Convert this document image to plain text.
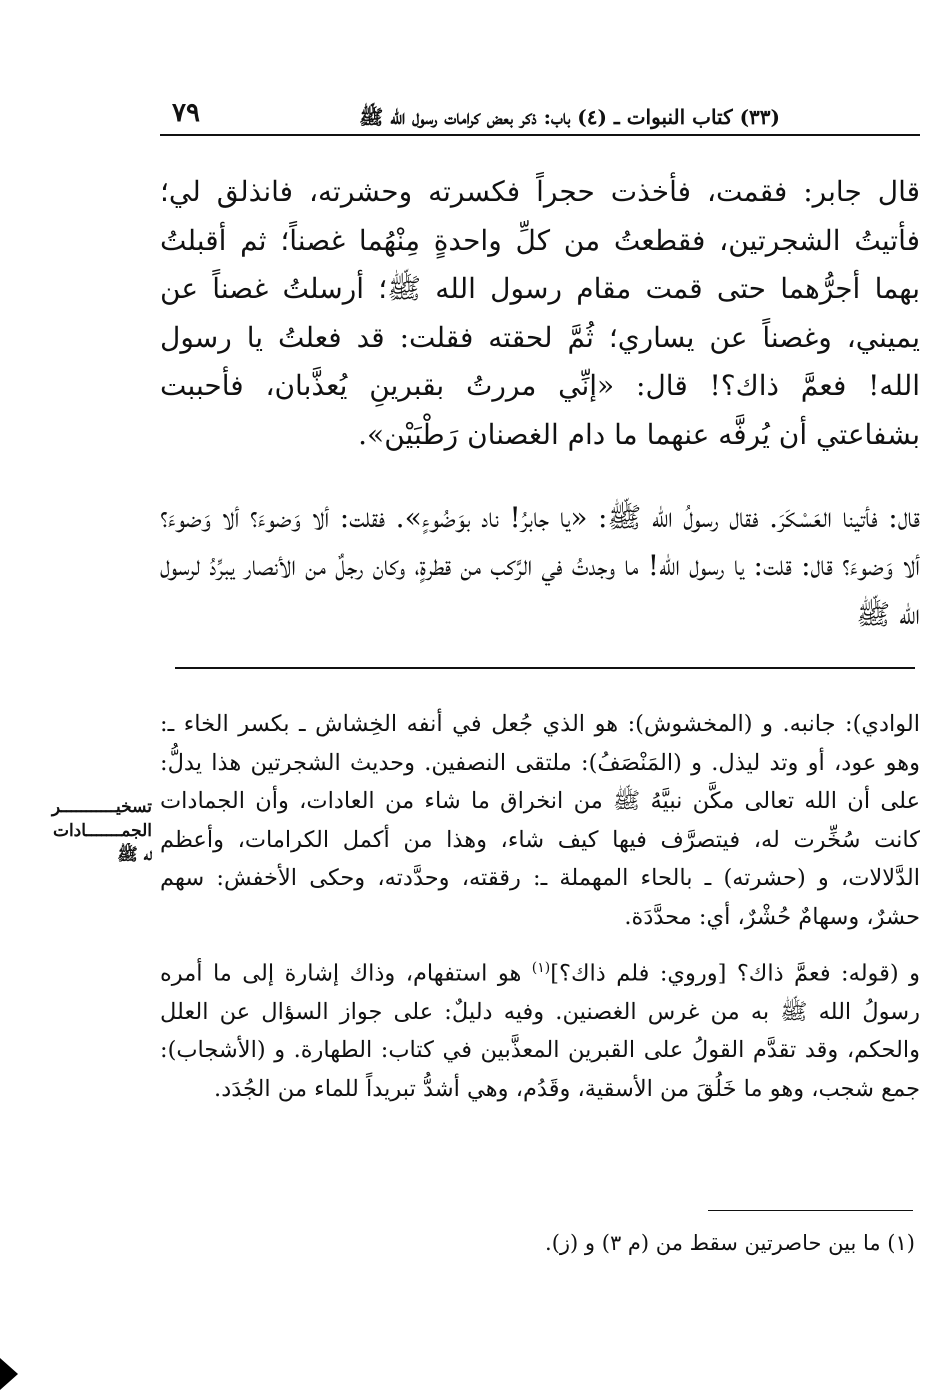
(٣٣) كتاب النبوات ـ (٤) باب: ذكر بعض كرامات رسول الله ﷺ
٧٩

قال جابر: فقمت، فأخذت حجراً فكسرته وحشرته، فانذلق لي؛ فأتيتُ الشجرتين، فقطعتُ من كلِّ واحدةٍ مِنْهُما غصناً؛ ثم أقبلتُ بهما أجرُّهما حتى قمت مقام رسول الله ﷺ؛ أرسلتُ غصناً عن يميني، وغصناً عن يساري؛ ثُمَّ لحقته فقلت: قد فعلتُ يا رسول الله! فعمَّ ذاك؟! قال: «إنِّي مررتُ بقبرينِ يُعذَّبان، فأحببت بشفاعتي أن يُرفَّه عنهما ما دام الغصنان رَطْبَيْن».

قال: فأتينا العَسْكَرَ. فقال رسولُ الله ﷺ: «يا جابرُ! ناد بوَضُوءٍ». فقلت: ألا وَضوءَ؟ ألا وَضوءَ؟ ألا وَضوءَ؟ قال: قلت: يا رسول الله! ما وجدتُ في الرَّكب من قطرةٍ، وكان رجلٌ من الأنصار يبرِّدُ لرسول الله ﷺ

الوادي): جانبه. و (المخشوش): هو الذي جُعل في أنفه الخِشاش ـ بكسر الخاء ـ: وهو عود، أو وتد ليذل. و (المَنْصَفُ): ملتقى النصفين. وحديث الشجرتين هذا يدلُّ: على أن الله تعالى مكَّن نبيَّهُ ﷺ من انخراق ما شاء من العادات، وأن الجمادات كانت سُخِّرت له، فيتصرَّف فيها كيف شاء، وهذا من أكمل الكرامات، وأعظم الدَّلالات، و (حشرته) ـ بالحاء المهملة ـ: رققته، وحدَّدته، وحكى الأخفش: سهم حشرٌ، وسهامٌ حُشْرٌ، أي: محدَّدَة.

و (قوله: فعمَّ ذاك؟ [وروي: فلم ذاك؟]$^{(١)}$ هو استفهام، وذاك إشارة إلى ما أمره رسولُ الله ﷺ به من غرس الغصنين. وفيه دليلٌ: على جواز السؤال عن العلل والحكم، وقد تقدَّم القولُ على القبرين المعذَّبين في كتاب: الطهارة. و (الأشجاب): جمع شجب، وهو ما خَلُقَ من الأسقية، وقَدُم، وهي أشدُّ تبريداً للماء من الجُدَد.

تسخيـــــــــــر
الجمـــــــادات
له ﷺ
(١) ما بين حاصرتين سقط من (م ٣) و (ز).
